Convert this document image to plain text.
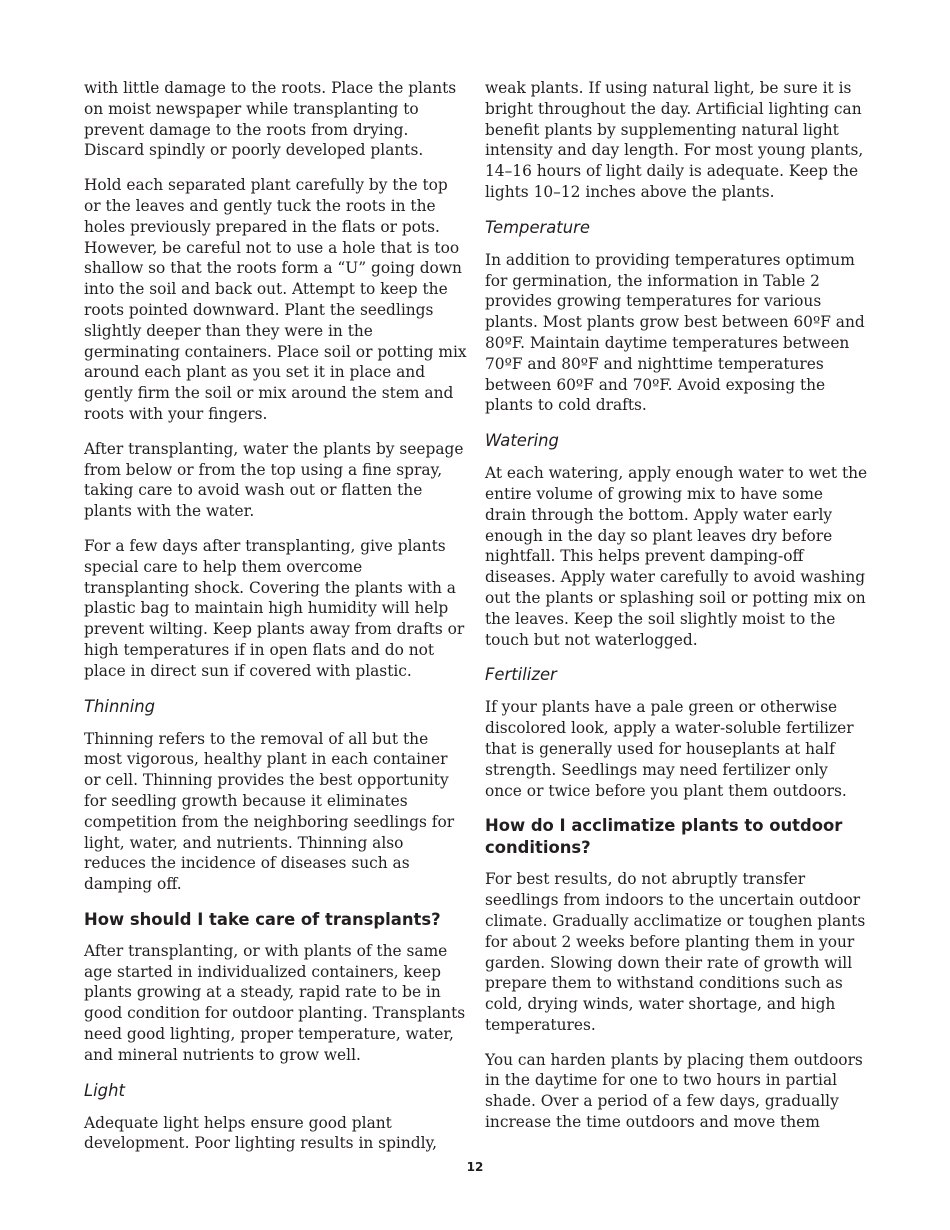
with little damage to the roots. Place the plants on moist newspaper while transplanting to prevent damage to the roots from drying. Discard spindly or poorly developed plants.

Hold each separated plant carefully by the top or the leaves and gently tuck the roots in the holes previously prepared in the flats or pots. However, be careful not to use a hole that is too shallow so that the roots form a “U” going down into the soil and back out. Attempt to keep the roots pointed downward. Plant the seedlings slightly deeper than they were in the germinating containers. Place soil or potting mix around each plant as you set it in place and gently firm the soil or mix around the stem and roots with your fingers.

After transplanting, water the plants by seepage from below or from the top using a fine spray, taking care to avoid wash out or flatten the plants with the water.

For a few days after transplanting, give plants special care to help them overcome transplanting shock. Covering the plants with a plastic bag to maintain high humidity will help prevent wilting. Keep plants away from drafts or high temperatures if in open flats and do not place in direct sun if covered with plastic.

Thinning

Thinning refers to the removal of all but the most vigorous, healthy plant in each container or cell. Thinning provides the best opportunity for seedling growth because it eliminates competition from the neighboring seedlings for light, water, and nutrients. Thinning also reduces the incidence of diseases such as damping off.

How should I take care of transplants?

After transplanting, or with plants of the same age started in individualized containers, keep plants growing at a steady, rapid rate to be in good condition for outdoor planting. Transplants need good lighting, proper temperature, water, and mineral nutrients to grow well.

Light

Adequate light helps ensure good plant development. Poor lighting results in spindly,

weak plants. If using natural light, be sure it is bright throughout the day. Artificial lighting can benefit plants by supplementing natural light intensity and day length. For most young plants, 14–16 hours of light daily is adequate. Keep the lights 10–12 inches above the plants.

Temperature

In addition to providing temperatures optimum for germination, the information in Table 2 provides growing temperatures for various plants. Most plants grow best between 60ºF and 80ºF. Maintain daytime temperatures between 70ºF and 80ºF and nighttime temperatures between 60ºF and 70ºF. Avoid exposing the plants to cold drafts.

Watering

At each watering, apply enough water to wet the entire volume of growing mix to have some drain through the bottom. Apply water early enough in the day so plant leaves dry before nightfall. This helps prevent damping-off diseases. Apply water carefully to avoid washing out the plants or splashing soil or potting mix on the leaves. Keep the soil slightly moist to the touch but not waterlogged.

Fertilizer

If your plants have a pale green or otherwise discolored look, apply a water-soluble fertilizer that is generally used for houseplants at half strength. Seedlings may need fertilizer only once or twice before you plant them outdoors.

How do I acclimatize plants to outdoor conditions?

For best results, do not abruptly transfer seedlings from indoors to the uncertain outdoor climate. Gradually acclimatize or toughen plants for about 2 weeks before planting them in your garden. Slowing down their rate of growth will prepare them to withstand conditions such as cold, drying winds, water shortage, and high temperatures.

You can harden plants by placing them outdoors in the daytime for one to two hours in partial shade. Over a period of a few days, gradually increase the time outdoors and move them

12
